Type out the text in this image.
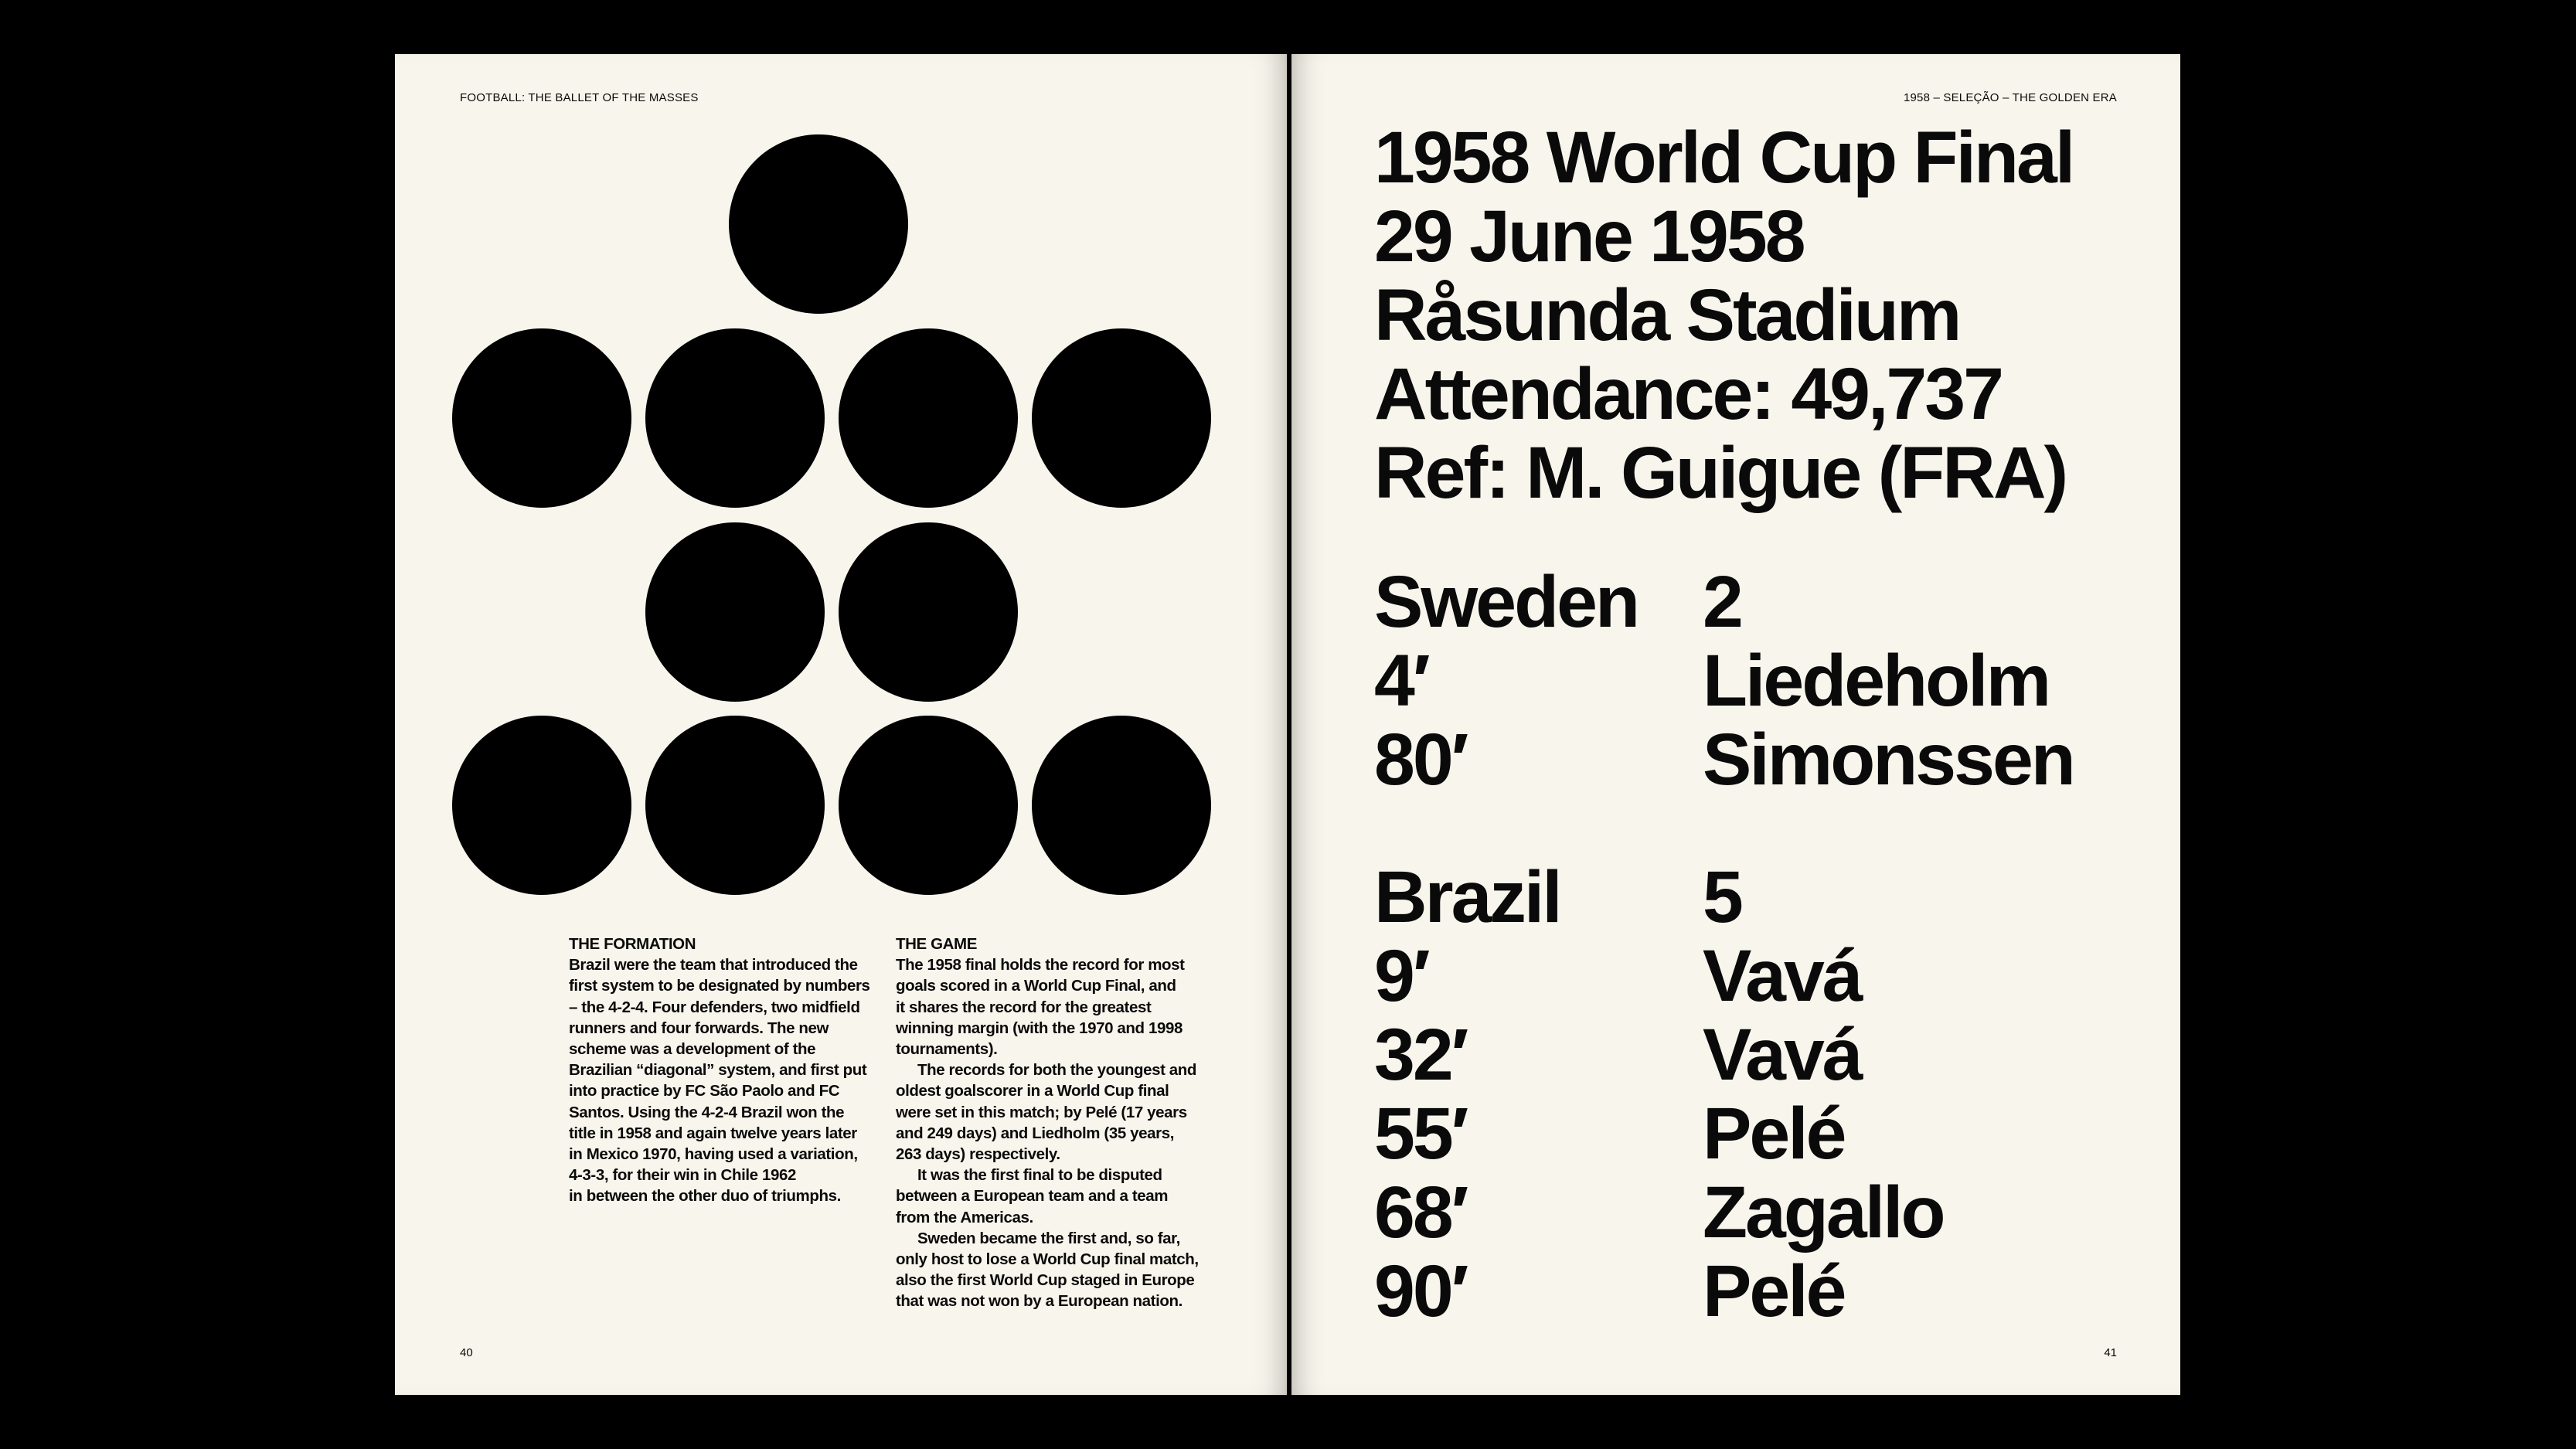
FOOTBALL: THE BALLET OF THE MASSES
THE FORMATION

Brazil were the team that introduced the

first system to be designated by numbers

– the 4-2-4. Four defenders, two midfield

runners and four forwards. The new

scheme was a development of the

Brazilian “diagonal” system, and first put

into practice by FC São Paolo and FC

Santos. Using the 4-2-4 Brazil won the

title in 1958 and again twelve years later

in Mexico 1970, having used a variation,

4-3-3, for their win in Chile 1962

in between the other duo of triumphs.

THE GAME

The 1958 final holds the record for most

goals scored in a World Cup Final, and

it shares the record for the greatest

winning margin (with the 1970 and 1998

tournaments).

The records for both the youngest and

oldest goalscorer in a World Cup final

were set in this match; by Pelé (17 years

and 249 days) and Liedholm (35 years,

263 days) respectively.

It was the first final to be disputed

between a European team and a team

from the Americas.

Sweden became the first and, so far,

only host to lose a World Cup final match,

also the first World Cup staged in Europe

that was not won by a European nation.

40
1958 – SELEÇÃO – THE GOLDEN ERA
1958 World Cup Final
29 June 1958
Råsunda Stadium
Attendance: 49,737
Ref: M. Guigue (FRA)
Sweden 2
4′	Liedeholm
80′	Simonssen
Brazil 5
9′	Vavá
32′	Vavá
55′	Pelé
68′	Zagallo
90′	Pelé
41
